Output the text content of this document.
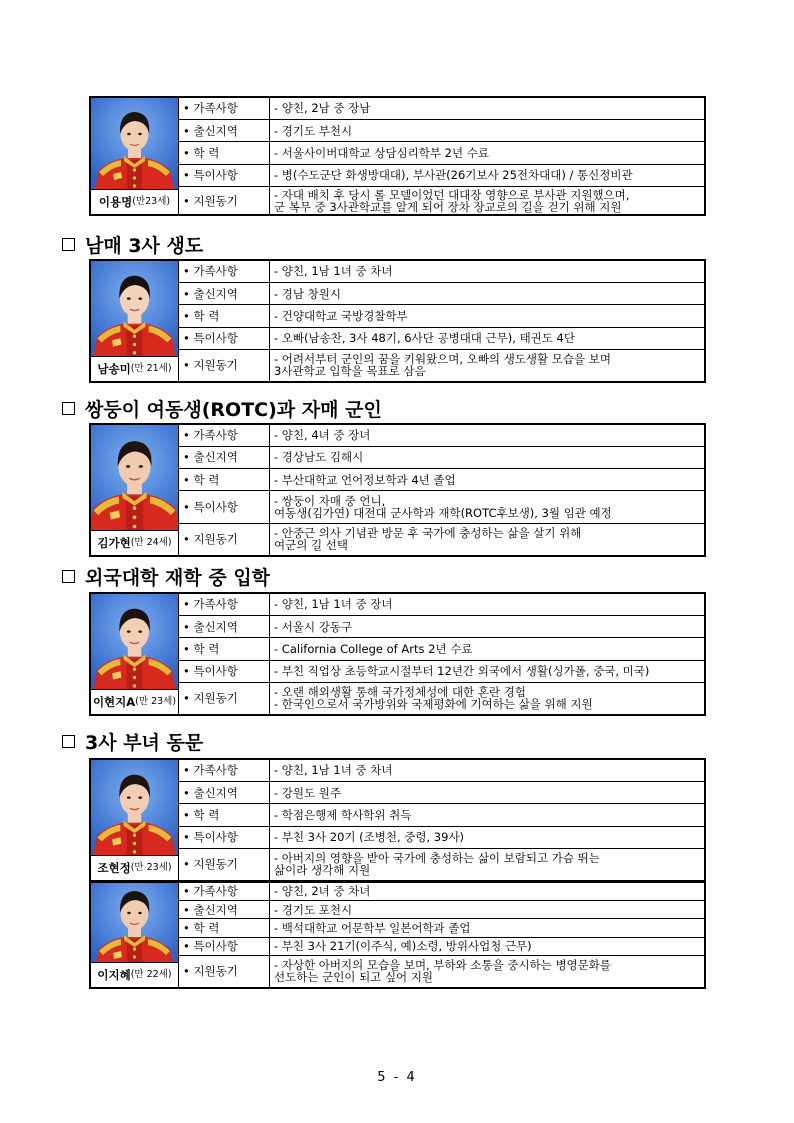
이용명 (만23세)	• 가족사항	- 양친, 2남 중 장남
	• 출신지역	- 경기도 부천시
	• 학 력	- 서울사이버대학교 상담심리학부 2년 수료
	• 특이사항	- 병(수도군단 화생방대대), 부사관(26기보사 25전차대대) / 통신정비관

	• 지원동기	- 자대 배치 후 당시 롤 모델이었던 대대장 영향으로 부사관 지원했으며,
군 복무 중 3사관학교를 알게 되어 장차 장교로의 길을 걷기 위해 지원
남매 3사 생도
남송미 (만 21세)	• 가족사항	- 양친, 1남 1녀 중 차녀
	• 출신지역	- 경남 창원시
	• 학 력	- 건양대학교 국방경찰학부
	• 특이사항	- 오빠(남송찬, 3사 48기, 6사단 공병대대 근무), 태권도 4단

	• 지원동기	- 어려서부터 군인의 꿈을 키워왔으며, 오빠의 생도생활 모습을 보며
3사관학교 입학을 목표로 삼음
쌍둥이 여동생(ROTC)과 자매 군인
김가현 (만 24세)	• 가족사항	- 양친, 4녀 중 장녀
	• 출신지역	- 경상남도 김해시
	• 학 력	- 부산대학교 언어정보학과 4년 졸업
	• 특이사항	- 쌍둥이 자매 중 언니,
여동생(김가연) 대전대 군사학과 재학(ROTC후보생), 3월 임관 예정

	• 지원동기	- 안중근 의사 기념관 방문 후 국가에 충성하는 삶을 살기 위해
여군의 길 선택
외국대학 재학 중 입학
이현지A (만 23세)	• 가족사항	- 양친, 1남 1녀 중 장녀
	• 출신지역	- 서울시 강동구
	• 학 력	- California College of Arts 2년 수료
	• 특이사항	- 부친 직업상 초등학교시절부터 12년간 외국에서 생활(싱가폴, 중국, 미국)

	• 지원동기	- 오랜 해외생활 통해 국가정체성에 대한 혼란 경험
- 한국인으로서 국가방위와 국제평화에 기여하는 삶을 위해 지원
3사 부녀 동문
조현정 (만 23세)	• 가족사항	- 양친, 1남 1녀 중 차녀
	• 출신지역	- 강원도 원주
	• 학 력	- 학점은행제 학사학위 취득
	• 특이사항	- 부친 3사 20기 (조병천, 중령, 39사)

	• 지원동기	- 아버지의 영향을 받아 국가에 충성하는 삶이 보람되고 가슴 뛰는
삶이라 생각해 지원
이지혜 (만 22세)	• 가족사항	- 양친, 2녀 중 차녀
	• 출신지역	- 경기도 포천시
	• 학 력	- 백석대학교 어문학부 일본어학과 졸업
	• 특이사항	- 부친 3사 21기(이주식, 예)소령, 방위사업청 근무)

	• 지원동기	- 자상한 아버지의 모습을 보며, 부하와 소통을 중시하는 병영문화를
선도하는 군인이 되고 싶어 지원
5 - 4
